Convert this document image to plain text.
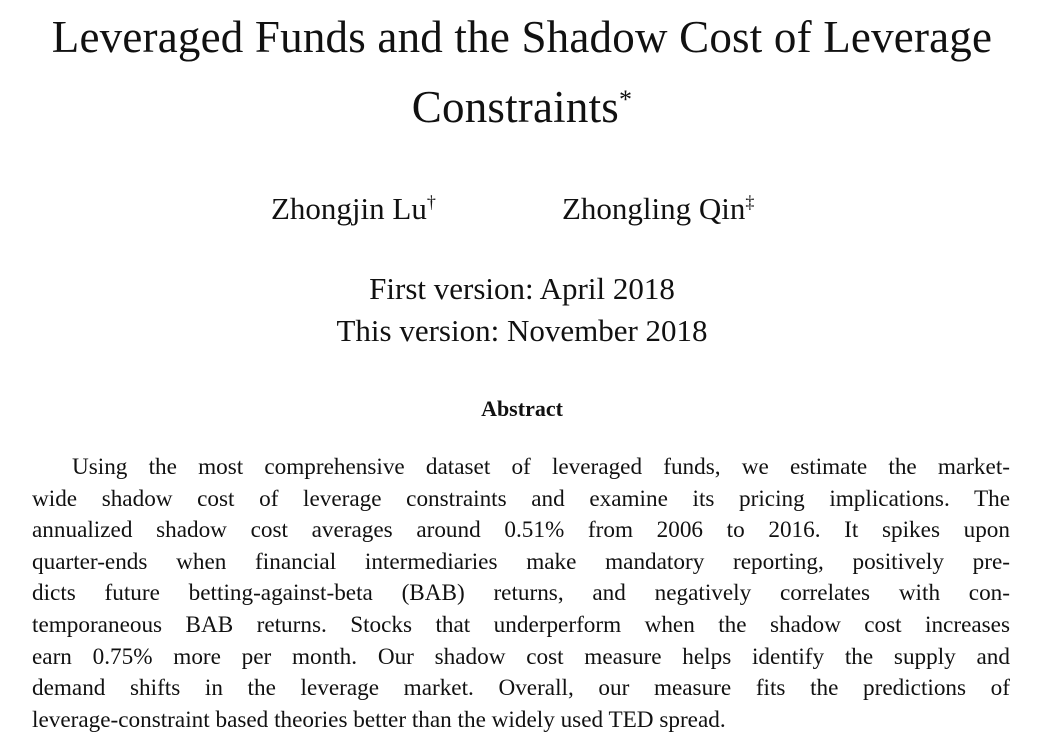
Leveraged Funds and the Shadow Cost of Leverage
Constraints*
Zhongjin Lu†	Zhongling Qin‡
First version: April 2018
This version: November 2018
Abstract
Using the most comprehensive dataset of leveraged funds, we estimate the market-
wide shadow cost of leverage constraints and examine its pricing implications. The
annualized shadow cost averages around 0.51% from 2006 to 2016. It spikes upon
quarter-ends when financial intermediaries make mandatory reporting, positively pre-
dicts future betting-against-beta (BAB) returns, and negatively correlates with con-
temporaneous BAB returns. Stocks that underperform when the shadow cost increases
earn 0.75% more per month. Our shadow cost measure helps identify the supply and
demand shifts in the leverage market. Overall, our measure fits the predictions of
leverage-constraint based theories better than the widely used TED spread.
